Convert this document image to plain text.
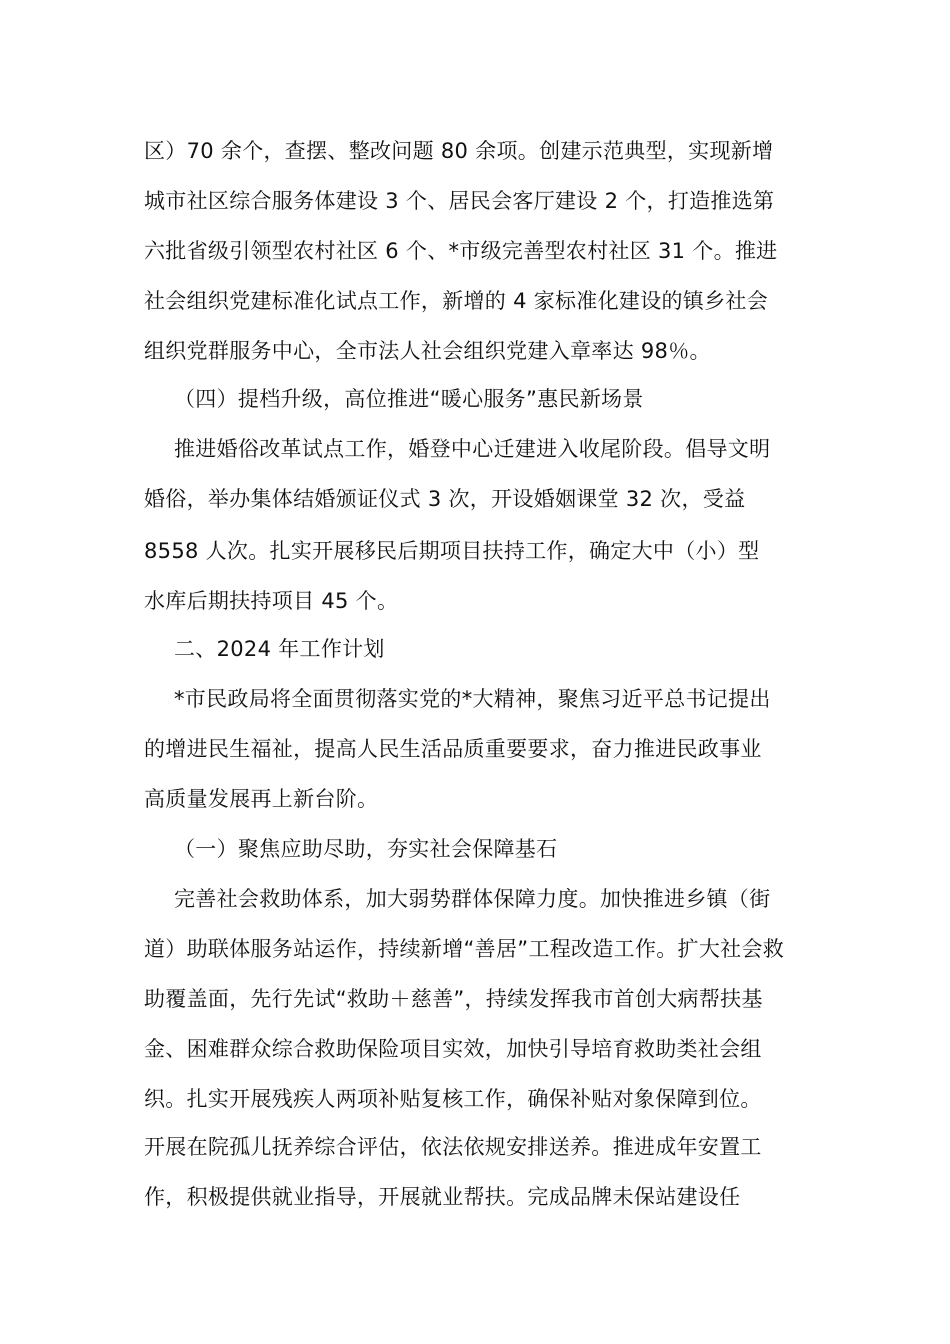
区）70 余个，查摆、整改问题 80 余项。创建示范典型，实现新增
城市社区综合服务体建设 3 个、居民会客厅建设 2 个，打造推选第
六批省级引领型农村社区 6 个、*市级完善型农村社区 31 个。推进
社会组织党建标准化试点工作，新增的 4 家标准化建设的镇乡社会
组织党群服务中心，全市法人社会组织党建入章率达 98％。
（四）提档升级，高位推进“暖心服务”惠民新场景
推进婚俗改革试点工作，婚登中心迁建进入收尾阶段。倡导文明
婚俗，举办集体结婚颁证仪式 3 次，开设婚姻课堂 32 次，受益
8558 人次。扎实开展移民后期项目扶持工作，确定大中（小）型
水库后期扶持项目 45 个。
二、2024 年工作计划
*市民政局将全面贯彻落实党的*大精神，聚焦习近平总书记提出
的增进民生福祉，提高人民生活品质重要要求，奋力推进民政事业
高质量发展再上新台阶。
（一）聚焦应助尽助，夯实社会保障基石
完善社会救助体系，加大弱势群体保障力度。加快推进乡镇（街
道）助联体服务站运作，持续新增“善居”工程改造工作。扩大社会救
助覆盖面，先行先试“救助＋慈善”，持续发挥我市首创大病帮扶基
金、困难群众综合救助保险项目实效，加快引导培育救助类社会组
织。扎实开展残疾人两项补贴复核工作，确保补贴对象保障到位。
开展在院孤儿抚养综合评估，依法依规安排送养。推进成年安置工
作，积极提供就业指导，开展就业帮扶。完成品牌未保站建设任
